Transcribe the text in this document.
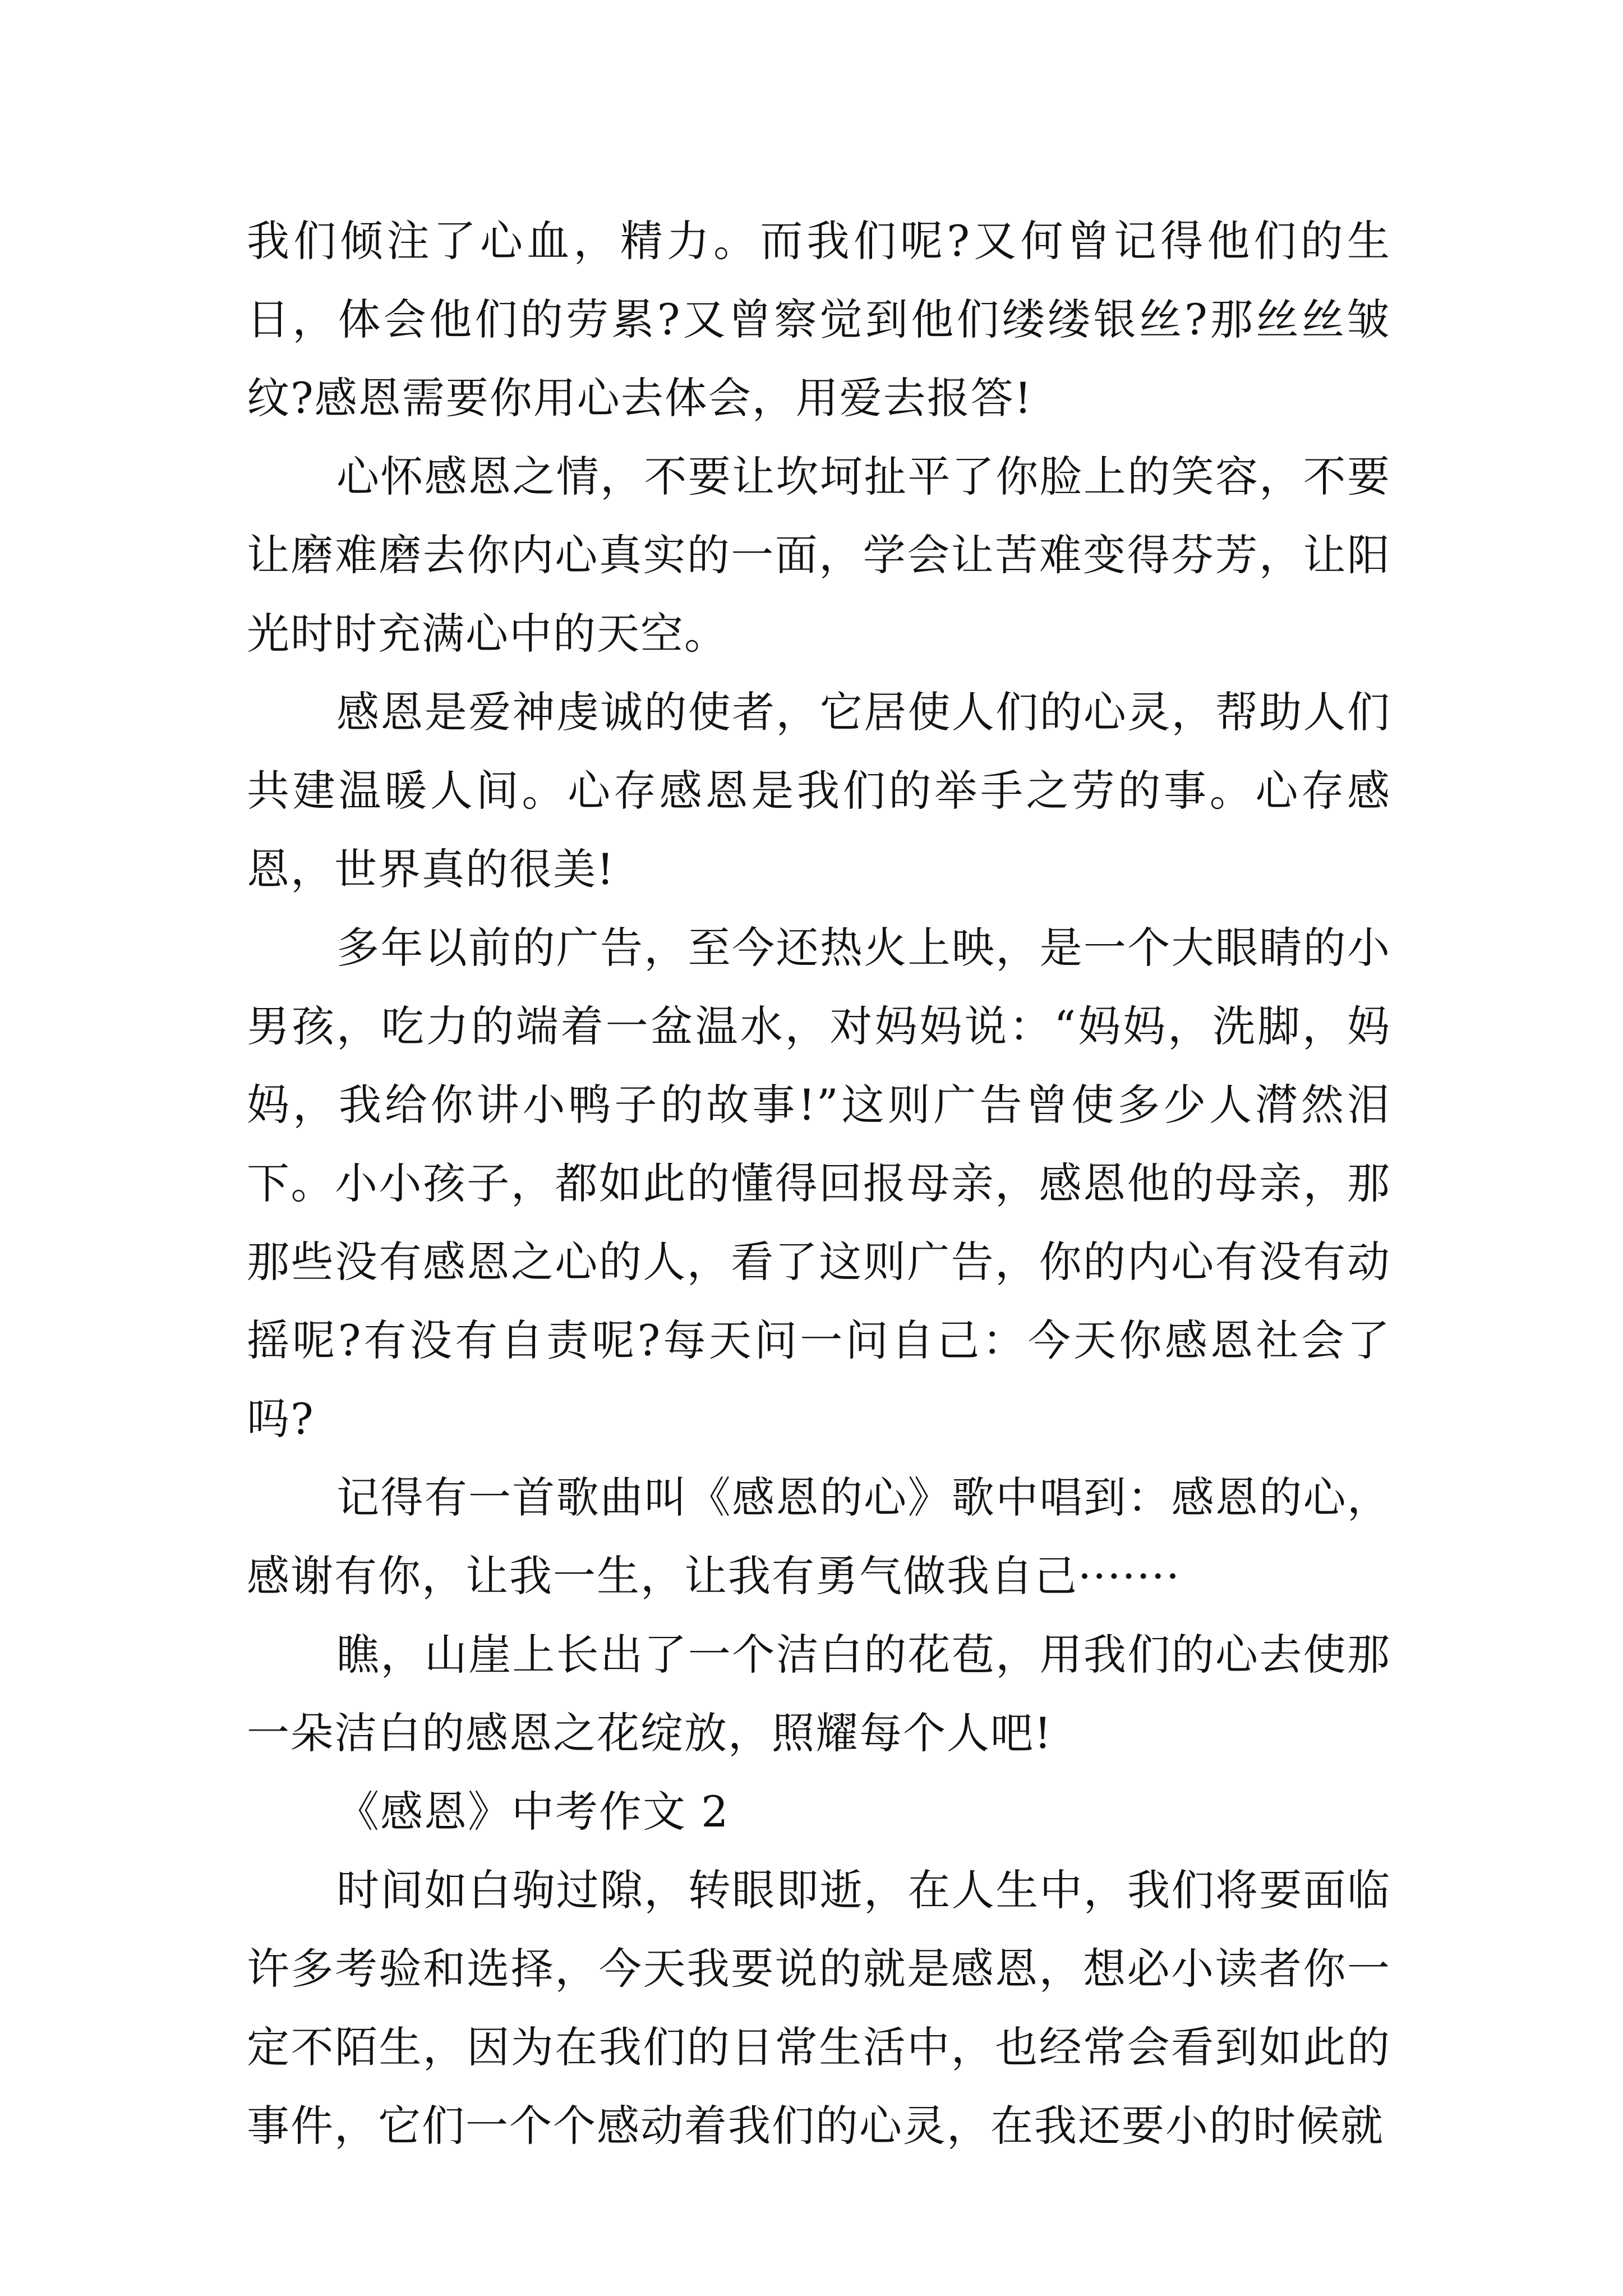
我们倾注了心血，精力。而我们呢?又何曾记得他们的生日，体会他们的劳累?又曾察觉到他们缕缕银丝?那丝丝皱纹?感恩需要你用心去体会，用爱去报答!

心怀感恩之情，不要让坎坷扯平了你脸上的笑容，不要让磨难磨去你内心真实的一面，学会让苦难变得芬芳，让阳光时时充满心中的天空。

感恩是爱神虔诚的使者，它居使人们的心灵，帮助人们共建温暖人间。心存感恩是我们的举手之劳的事。心存感恩，世界真的很美!

多年以前的广告，至今还热火上映，是一个大眼睛的小男孩，吃力的端着一盆温水，对妈妈说：“妈妈，洗脚，妈妈，我给你讲小鸭子的故事!”这则广告曾使多少人潸然泪下。小小孩子，都如此的懂得回报母亲，感恩他的母亲，那那些没有感恩之心的人，看了这则广告，你的内心有没有动摇呢?有没有自责呢?每天问一问自己：今天你感恩社会了吗?

记得有一首歌曲叫《感恩的心》歌中唱到：感恩的心，感谢有你，让我一生，让我有勇气做我自己·······

瞧，山崖上长出了一个洁白的花苞，用我们的心去使那一朵洁白的感恩之花绽放，照耀每个人吧!

《感恩》中考作文 2

时间如白驹过隙，转眼即逝，在人生中，我们将要面临许多考验和选择，今天我要说的就是感恩，想必小读者你一定不陌生，因为在我们的日常生活中，也经常会看到如此的事件，它们一个个感动着我们的心灵，在我还要小的时候就
